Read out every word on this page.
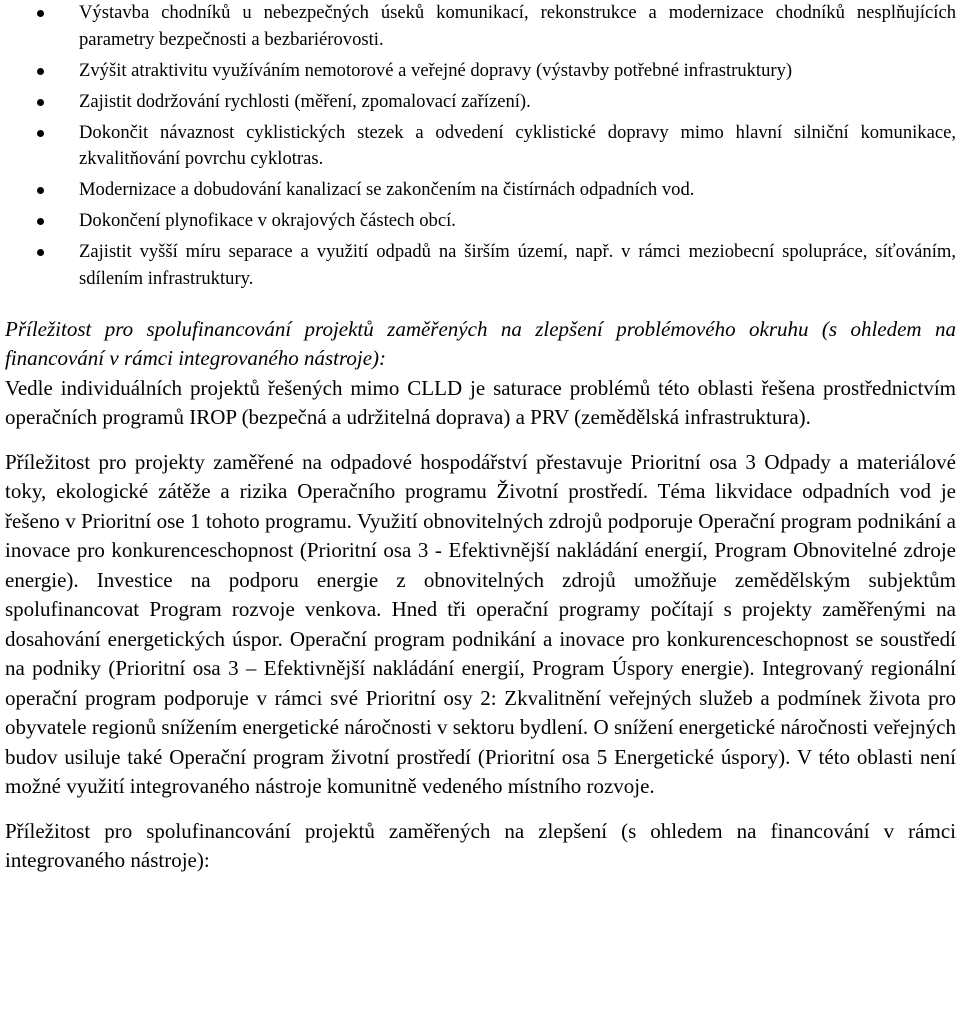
Výstavba chodníků u nebezpečných úseků komunikací, rekonstrukce a modernizace chodníků nesplňujících parametry bezpečnosti a bezbariérovosti.
Zvýšit atraktivitu využíváním nemotorové a veřejné dopravy (výstavby potřebné infrastruktury)
Zajistit dodržování rychlosti (měření, zpomalovací zařízení).
Dokončit návaznost cyklistických stezek a odvedení cyklistické dopravy mimo hlavní silniční komunikace, zkvalitňování povrchu cyklotras.
Modernizace a dobudování kanalizací se zakončením na čistírnách odpadních vod.
Dokončení plynofikace v okrajových částech obcí.
Zajistit vyšší míru separace a využití odpadů na širším území, např. v rámci meziobecní spolupráce, síťováním, sdílením infrastruktury.
Příležitost pro spolufinancování projektů zaměřených na zlepšení problémového okruhu (s ohledem na financování v rámci integrovaného nástroje):
Vedle individuálních projektů řešených mimo CLLD je saturace problémů této oblasti řešena prostřednictvím operačních programů IROP (bezpečná a udržitelná doprava) a PRV (zemědělská infrastruktura).
Příležitost pro projekty zaměřené na odpadové hospodářství přestavuje Prioritní osa 3 Odpady a materiálové toky, ekologické zátěže a rizika Operačního programu Životní prostředí. Téma likvidace odpadních vod je řešeno v Prioritní ose 1 tohoto programu. Využití obnovitelných zdrojů podporuje Operační program podnikání a inovace pro konkurenceschopnost (Prioritní osa 3 - Efektivnější nakládání energií, Program Obnovitelné zdroje energie). Investice na podporu energie z obnovitelných zdrojů umožňuje zemědělským subjektům spolufinancovat Program rozvoje venkova. Hned tři operační programy počítají s projekty zaměřenými na dosahování energetických úspor. Operační program podnikání a inovace pro konkurenceschopnost se soustředí na podniky (Prioritní osa 3 – Efektivnější nakládání energií, Program Úspory energie). Integrovaný regionální operační program podporuje v rámci své Prioritní osy 2: Zkvalitnění veřejných služeb a podmínek života pro obyvatele regionů snížením energetické náročnosti v sektoru bydlení. O snížení energetické náročnosti veřejných budov usiluje také Operační program životní prostředí (Prioritní osa 5 Energetické úspory). V této oblasti není možné využití integrovaného nástroje komunitně vedeného místního rozvoje.
Příležitost pro spolufinancování projektů zaměřených na zlepšení (s ohledem na financování v rámci integrovaného nástroje):
